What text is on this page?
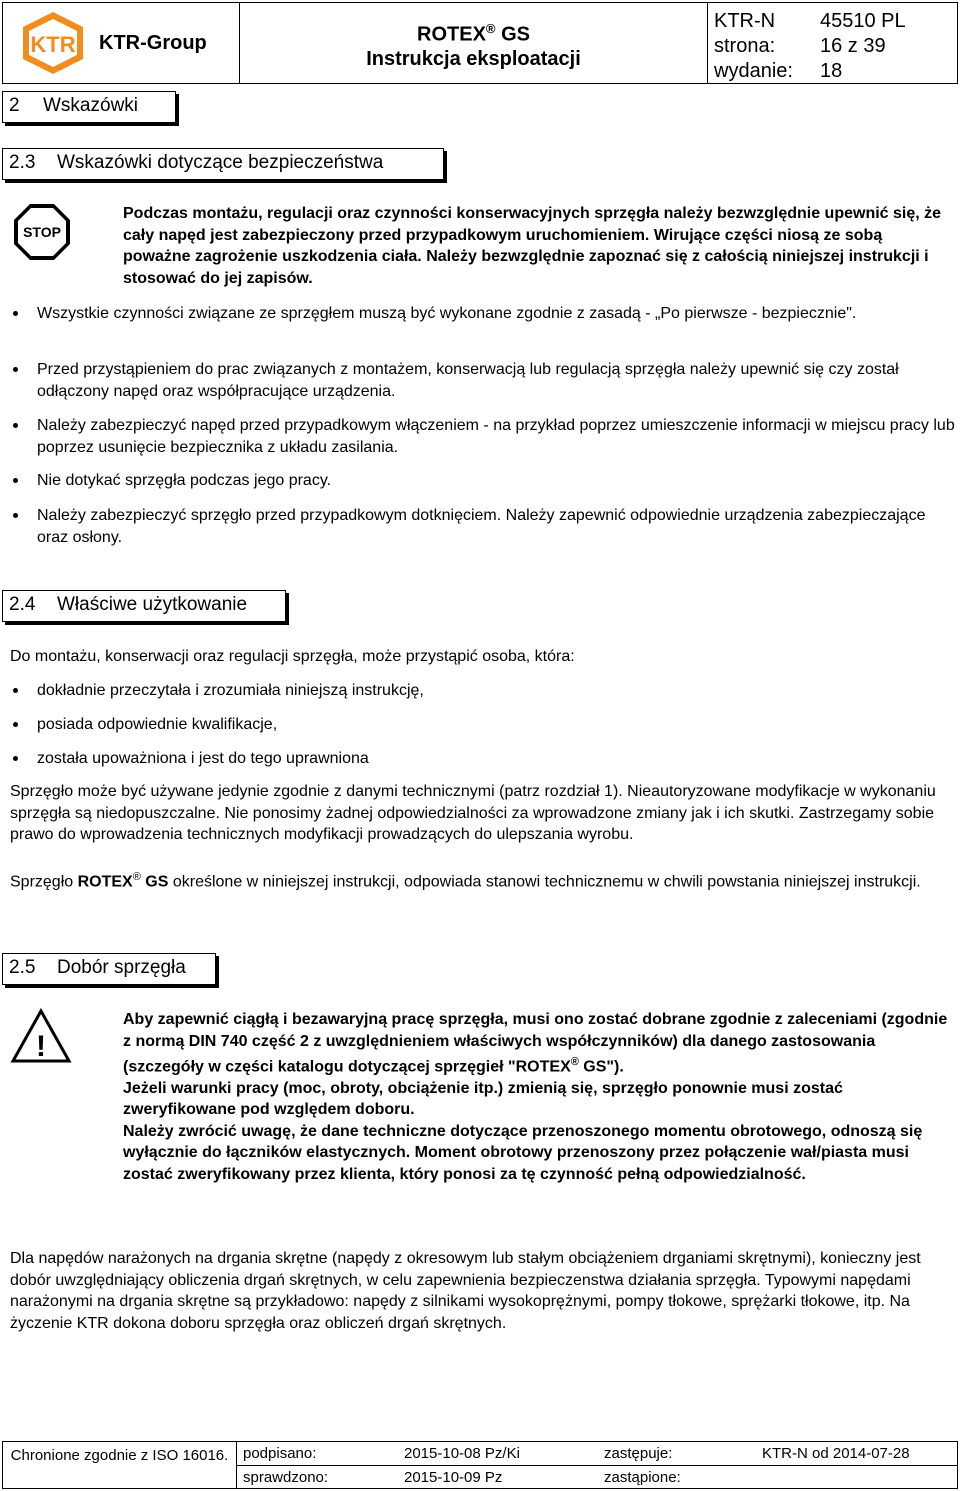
KTR KTR-Group	ROTEX® GS
Instrukcja eksploatacji
KTR-N	45510 PL
strona:	16 z 39
wydanie:	18
2 Wskazówki
2.3 Wskazówki dotyczące bezpieczeństwa
STOP

Podczas montażu, regulacji oraz czynności konserwacyjnych sprzęgła należy bezwzględnie upewnić się, że cały napęd jest zabezpieczony przed przypadkowym uruchomieniem. Wirujące części niosą ze sobą poważne zagrożenie uszkodzenia ciała. Należy bezwzględnie zapoznać się z całością niniejszej instrukcji i stosować do jej zapisów.

Wszystkie czynności związane ze sprzęgłem muszą być wykonane zgodnie z zasadą - „Po pierwsze - bezpiecznie".
Przed przystąpieniem do prac związanych z montażem, konserwacją lub regulacją sprzęgła należy upewnić się czy został odłączony napęd oraz współpracujące urządzenia.
Należy zabezpieczyć napęd przed przypadkowym włączeniem - na przykład poprzez umieszczenie informacji w miejscu pracy lub poprzez usunięcie bezpiecznika z układu zasilania.
Nie dotykać sprzęgła podczas jego pracy.
Należy zabezpieczyć sprzęgło przed przypadkowym dotknięciem. Należy zapewnić odpowiednie urządzenia zabezpieczające oraz osłony.
2.4 Właściwe użytkowanie

Do montażu, konserwacji oraz regulacji sprzęgła, może przystąpić osoba, która:

dokładnie przeczytała i zrozumiała niniejszą instrukcję,
posiada odpowiednie kwalifikacje,
została upoważniona i jest do tego uprawniona

Sprzęgło może być używane jedynie zgodnie z danymi technicznymi (patrz rozdział 1). Nieautoryzowane modyfikacje w wykonaniu sprzęgła są niedopuszczalne. Nie ponosimy żadnej odpowiedzialności za wprowadzone zmiany jak i ich skutki. Zastrzegamy sobie prawo do wprowadzenia technicznych modyfikacji prowadzących do ulepszania wyrobu.

Sprzęgło ROTEX® GS określone w niniejszej instrukcji, odpowiada stanowi technicznemu w chwili powstania niniejszej instrukcji.

2.5 Dobór sprzęgła
!

Aby zapewnić ciągłą i bezawaryjną pracę sprzęgła, musi ono zostać dobrane zgodnie z zaleceniami (zgodnie z normą DIN 740 część 2 z uwzględnieniem właściwych współczynników) dla danego zastosowania (szczegóły w części katalogu dotyczącej sprzęgieł "ROTEX® GS").

Jeżeli warunki pracy (moc, obroty, obciążenie itp.) zmienią się, sprzęgło ponownie musi zostać zweryfikowane pod względem doboru.

Należy zwrócić uwagę, że dane techniczne dotyczące przenoszonego momentu obrotowego, odnoszą się wyłącznie do łączników elastycznych. Moment obrotowy przenoszony przez połączenie wał/piasta musi zostać zweryfikowany przez klienta, który ponosi za tę czynność pełną odpowiedzialność.

Dla napędów narażonych na drgania skrętne (napędy z okresowym lub stałym obciążeniem drganiami skrętnymi), konieczny jest dobór uwzględniający obliczenia drgań skrętnych, w celu zapewnienia bezpieczenstwa działania sprzęgła. Typowymi napędami narażonymi na drgania skrętne są przykładowo: napędy z silnikami wysokoprężnymi, pompy tłokowe, sprężarki tłokowe, itp. Na życzenie KTR dokona doboru sprzęgła oraz obliczeń drgań skrętnych.

Chronione zgodnie z ISO 16016. podpisano:	2015-10-08 Pz/Ki	zastępuje:	KTR-N od 2014-07-28
sprawdzono:	2015-10-09 Pz	zastąpione:
